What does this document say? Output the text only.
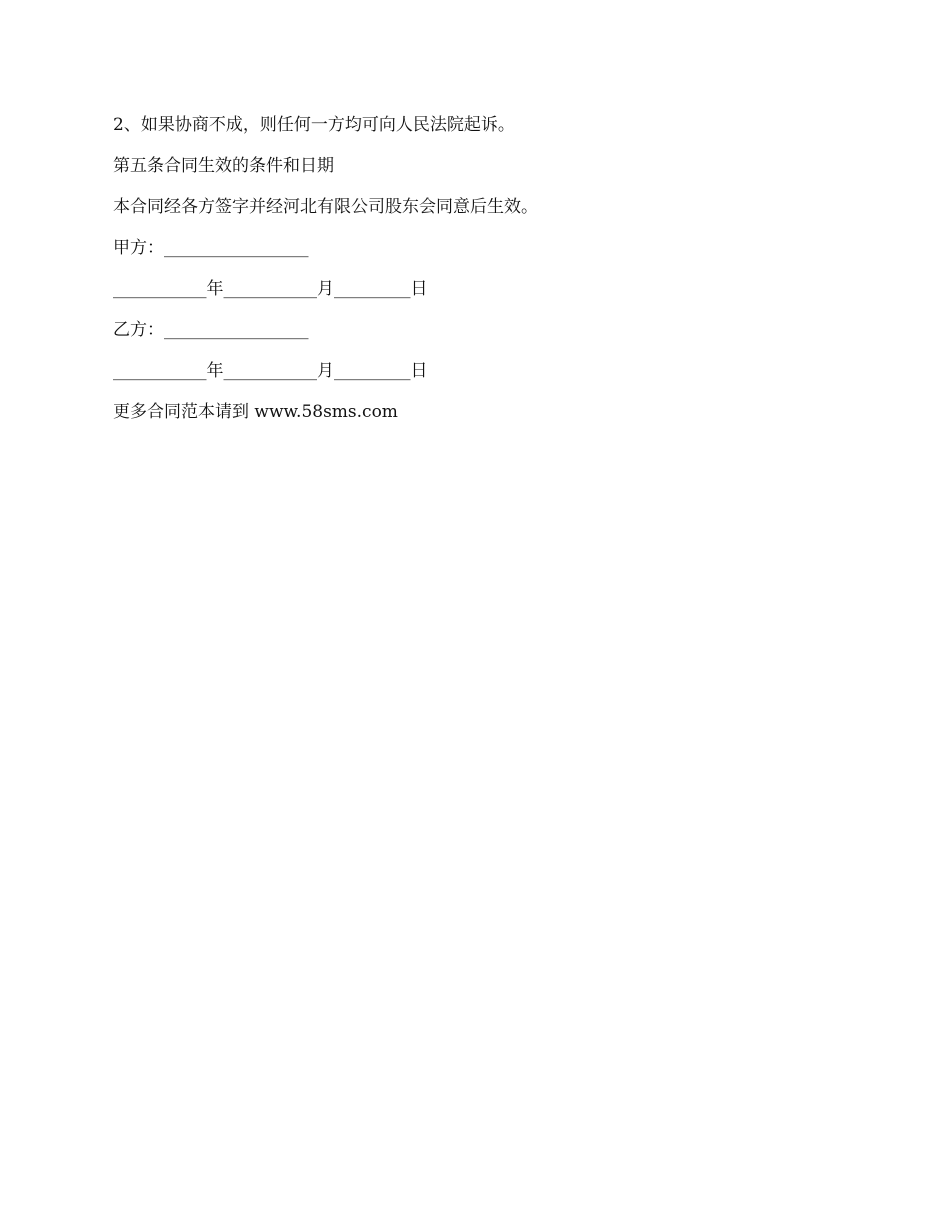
2、如果协商不成，则任何一方均可向人民法院起诉。
第五条合同生效的条件和日期
本合同经各方签字并经河北有限公司股东会同意后生效。
甲方：_________________
___________年___________月_________日
乙方：_________________
___________年___________月_________日
更多合同范本请到 www.58sms.com
